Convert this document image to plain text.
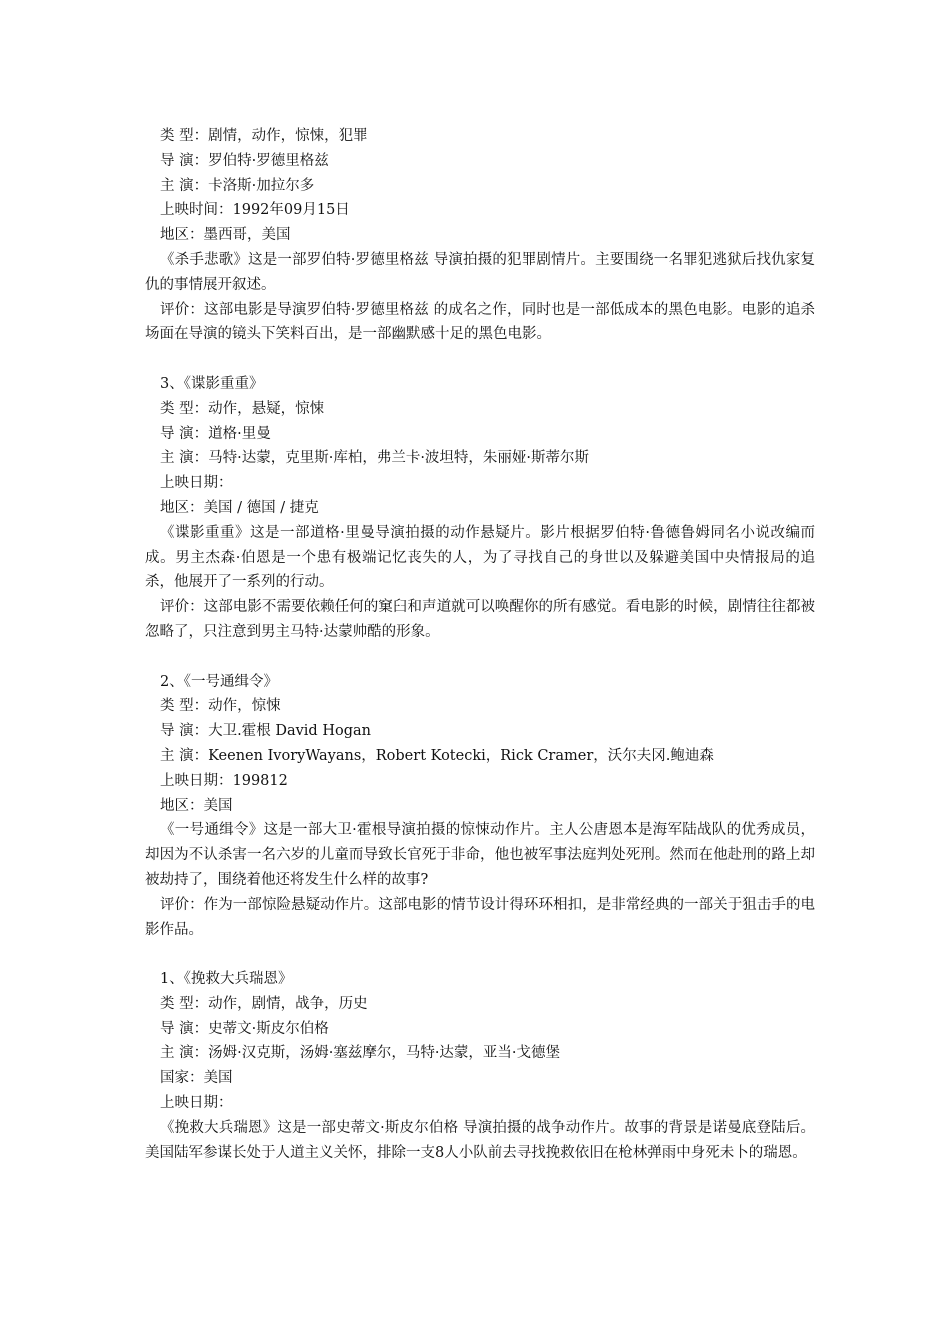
类 型：剧情，动作，惊悚，犯罪

导 演：罗伯特·罗德里格兹

主 演：卡洛斯·加拉尔多

上映时间：1992年09月15日

地区：墨西哥，美国

《杀手悲歌》这是一部罗伯特·罗德里格兹 导演拍摄的犯罪剧情片。主要围绕一名罪犯逃狱后找仇家复仇的事情展开叙述。

评价：这部电影是导演罗伯特·罗德里格兹 的成名之作，同时也是一部低成本的黑色电影。电影的追杀场面在导演的镜头下笑料百出，是一部幽默感十足的黑色电影。

3、《谍影重重》

类 型：动作，悬疑，惊悚

导 演：道格·里曼

主 演：马特·达蒙，克里斯·库柏，弗兰卡·波坦特，朱丽娅·斯蒂尔斯

上映日期：

地区：美国 / 德国 / 捷克

《谍影重重》这是一部道格·里曼导演拍摄的动作悬疑片。影片根据罗伯特·鲁德鲁姆同名小说改编而成。男主杰森·伯恩是一个患有极端记忆丧失的人，为了寻找自己的身世以及躲避美国中央情报局的追杀，他展开了一系列的行动。

评价：这部电影不需要依赖任何的窠臼和声道就可以唤醒你的所有感觉。看电影的时候，剧情往往都被忽略了，只注意到男主马特·达蒙帅酷的形象。

2、《一号通缉令》

类 型：动作，惊悚

导 演：大卫.霍根 David Hogan

主 演：Keenen IvoryWayans，Robert Kotecki，Rick Cramer，沃尔夫冈.鲍迪森

上映日期：199812

地区：美国

《一号通缉令》这是一部大卫·霍根导演拍摄的惊悚动作片。主人公唐恩本是海军陆战队的优秀成员，却因为不认杀害一名六岁的儿童而导致长官死于非命，他也被军事法庭判处死刑。然而在他赴刑的路上却被劫持了，围绕着他还将发生什么样的故事?

评价：作为一部惊险悬疑动作片。这部电影的情节设计得环环相扣，是非常经典的一部关于狙击手的电影作品。

1、《挽救大兵瑞恩》

类 型：动作，剧情，战争，历史

导 演：史蒂文·斯皮尔伯格

主 演：汤姆·汉克斯，汤姆·塞兹摩尔，马特·达蒙，亚当·戈德堡

国家：美国

上映日期：

《挽救大兵瑞恩》这是一部史蒂文·斯皮尔伯格 导演拍摄的战争动作片。故事的背景是诺曼底登陆后。美国陆军参谋长处于人道主义关怀，排除一支8人小队前去寻找挽救依旧在枪林弹雨中身死未卜的瑞恩。
